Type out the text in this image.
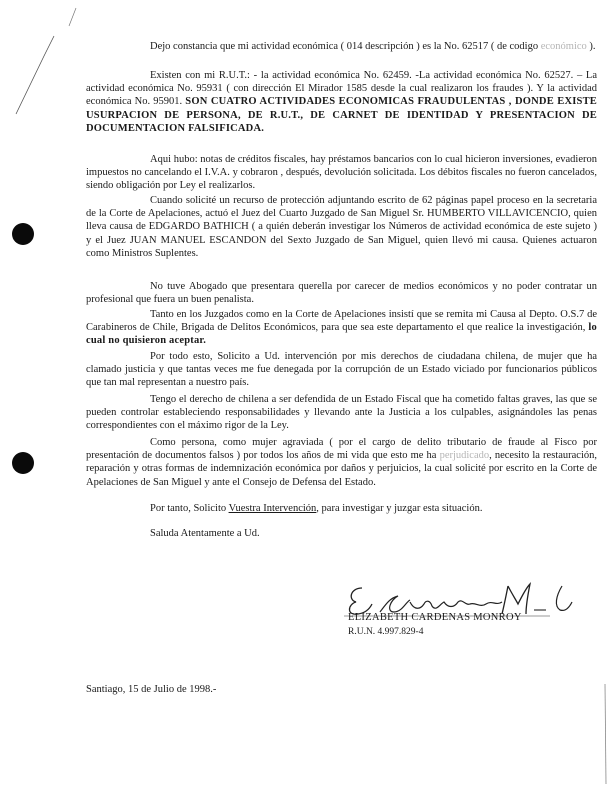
Dejo constancia que mi actividad económica ( 014 descripción ) es la No. 62517 ( de codigo económico ).

Existen con mi R.U.T.: - la actividad económica No. 62459. -La actividad económica No. 62527. – La actividad económica No. 95931 ( con dirección El Mirador 1585 desde la cual realizaron los fraudes ). Y la actividad económica No. 95901. SON CUATRO ACTIVIDADES ECONOMICAS FRAUDULENTAS , DONDE EXISTE USURPACION DE PERSONA, DE R.U.T., DE CARNET DE IDENTIDAD Y PRESENTACION DE DOCUMENTACION FALSIFICADA.

Aqui hubo: notas de créditos fiscales, hay préstamos bancarios con lo cual hicieron inversiones, evadieron impuestos no cancelando el I.V.A. y cobraron , después, devolución solicitada. Los débitos fiscales no fueron cancelados, siendo obligación por Ley el realizarlos.

Cuando solicité un recurso de protección adjuntando escrito de 62 páginas papel proceso en la secretaria de la Corte de Apelaciones, actuó el Juez del Cuarto Juzgado de San Miguel Sr. HUMBERTO VILLAVICENCIO, quien lleva causa de EDGARDO BATHICH ( a quién deberán investigar los Números de actividad económica de este sujeto ) y el Juez JUAN MANUEL ESCANDON del Sexto Juzgado de San Miguel, quien llevó mi causa. Quienes actuaron como Ministros Suplentes.

No tuve Abogado que presentara querella por carecer de medios económicos y no poder contratar un profesional que fuera un buen penalista.

Tanto en los Juzgados como en la Corte de Apelaciones insistí que se remita mi Causa al Depto. O.S.7 de Carabineros de Chile, Brigada de Delitos Económicos, para que sea este departamento el que realice la investigación, lo cual no quisieron aceptar.

Por todo esto, Solicito a Ud. intervención por mis derechos de ciudadana chilena, de mujer que ha clamado justicia y que tantas veces me fue denegada por la corrupción de un Estado viciado por funcionarios públicos que tan mal representan a nuestro país.

Tengo el derecho de chilena a ser defendida de un Estado Fiscal que ha cometido faltas graves, las que se pueden controlar estableciendo responsabilidades y llevando ante la Justicia a los culpables, asignándoles las penas correspondientes con el máximo rigor de la Ley.

Como persona, como mujer agraviada ( por el cargo de delito tributario de fraude al Fisco por presentación de documentos falsos ) por todos los años de mi vida que esto me ha perjudicado, necesito la restauración, reparación y otras formas de indemnización económica por daños y perjuicios, la cual solicité por escrito en la Corte de Apelaciones de San Miguel y ante el Consejo de Defensa del Estado.

Por tanto, Solicito Vuestra Intervención, para investigar y juzgar esta situación.

Saluda Atentamente a Ud.

ELIZABETH CARDENAS MONROY

R.U.N. 4.997.829-4

Santiago, 15 de Julio de 1998.-
